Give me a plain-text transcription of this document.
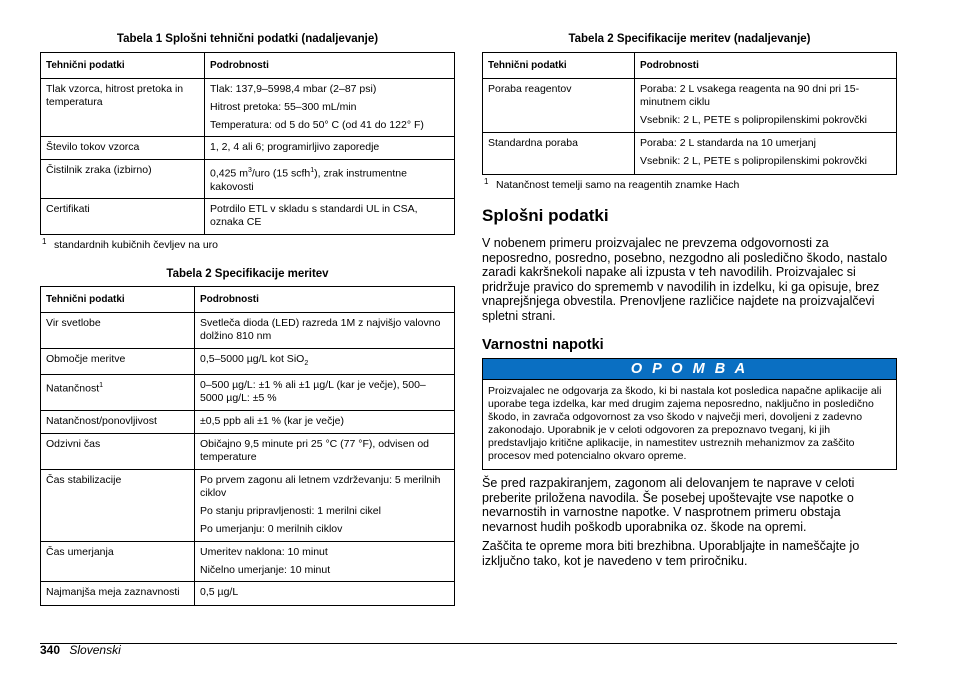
Tabela 1 Splošni tehnični podatki (nadaljevanje)
Tehnični podatki	Podrobnosti
Tlak vzorca, hitrost pretoka in temperatura	Tlak: 137,9–5998,4 mbar (2–87 psi)

Hitrost pretoka: 55–300 mL/min

Temperatura: od 5 do 50° C (od 41 do 122° F)

Število tokov vzorca	1, 2, 4 ali 6; programirljivo zaporedje
Čistilnik zraka (izbirno)	0,425 $m^3$/uro (15 scfh$^1$), zrak instrumentne kakovosti
Certifikati	Potrdilo ETL v skladu s standardi UL in CSA, oznaka CE
1 standardnih kubičnih čevljev na uro
Tabela 2 Specifikacije meritev
Tehnični podatki	Podrobnosti
Vir svetlobe	Svetleča dioda (LED) razreda 1M z najvišjo valovno dolžino 810 nm
Območje meritve	0,5–5000 µg/L kot SiO$_2$
Natančnost$^1$	0–500 µg/L: ±1 % ali ±1 µg/L (kar je večje), 500–5000 µg/L: ±5 %
Natančnost/ponovljivost	±0,5 ppb ali ±1 % (kar je večje)
Odzivni čas	Običajno 9,5 minute pri 25 °C (77 °F), odvisen od temperature
Čas stabilizacije	Po prvem zagonu ali letnem vzdrževanju: 5 merilnih ciklov

Po stanju pripravljenosti: 1 merilni cikel

Po umerjanju: 0 merilnih ciklov

Čas umerjanja	Umeritev naklona: 10 minut

Ničelno umerjanje: 10 minut

Najmanjša meja zaznavnosti	0,5 µg/L
Tabela 2 Specifikacije meritev (nadaljevanje)
Tehnični podatki	Podrobnosti
Poraba reagentov	Poraba: 2 L vsakega reagenta na 90 dni pri 15-minutnem ciklu

Vsebnik: 2 L, PETE s polipropilenskimi pokrovčki

Standardna poraba	Poraba: 2 L standarda na 10 umerjanj

Vsebnik: 2 L, PETE s polipropilenskimi pokrovčki

1 Natančnost temelji samo na reagentih znamke Hach
Splošni podatki

V nobenem primeru proizvajalec ne prevzema odgovornosti za neposredno, posredno, posebno, nezgodno ali posledično škodo, nastalo zaradi kakršnekoli napake ali izpusta v teh navodilih. Proizvajalec si pridržuje pravico do sprememb v navodilih in izdelku, ki ga opisuje, brez vnaprejšnjega obvestila. Prenovljene različice najdete na proizvajalčevi spletni strani.

Varnostni napotki
O P O M B A
Proizvajalec ne odgovarja za škodo, ki bi nastala kot posledica napačne aplikacije ali uporabe tega izdelka, kar med drugim zajema neposredno, naključno in posledično škodo, in zavrača odgovornost za vso škodo v največji meri, dovoljeni z zadevno zakonodajo. Uporabnik je v celoti odgovoren za prepoznavo tveganj, ki jih predstavljajo kritične aplikacije, in namestitev ustreznih mehanizmov za zaščito procesov med potencialno okvaro opreme.

Še pred razpakiranjem, zagonom ali delovanjem te naprave v celoti preberite priložena navodila. Še posebej upoštevajte vse napotke o nevarnostih in varnostne napotke. V nasprotnem primeru obstaja nevarnost hudih poškodb uporabnika oz. škode na opremi.

Zaščita te opreme mora biti brezhibna. Uporabljajte in nameščajte jo izključno tako, kot je navedeno v tem priročniku.

340 Slovenski
